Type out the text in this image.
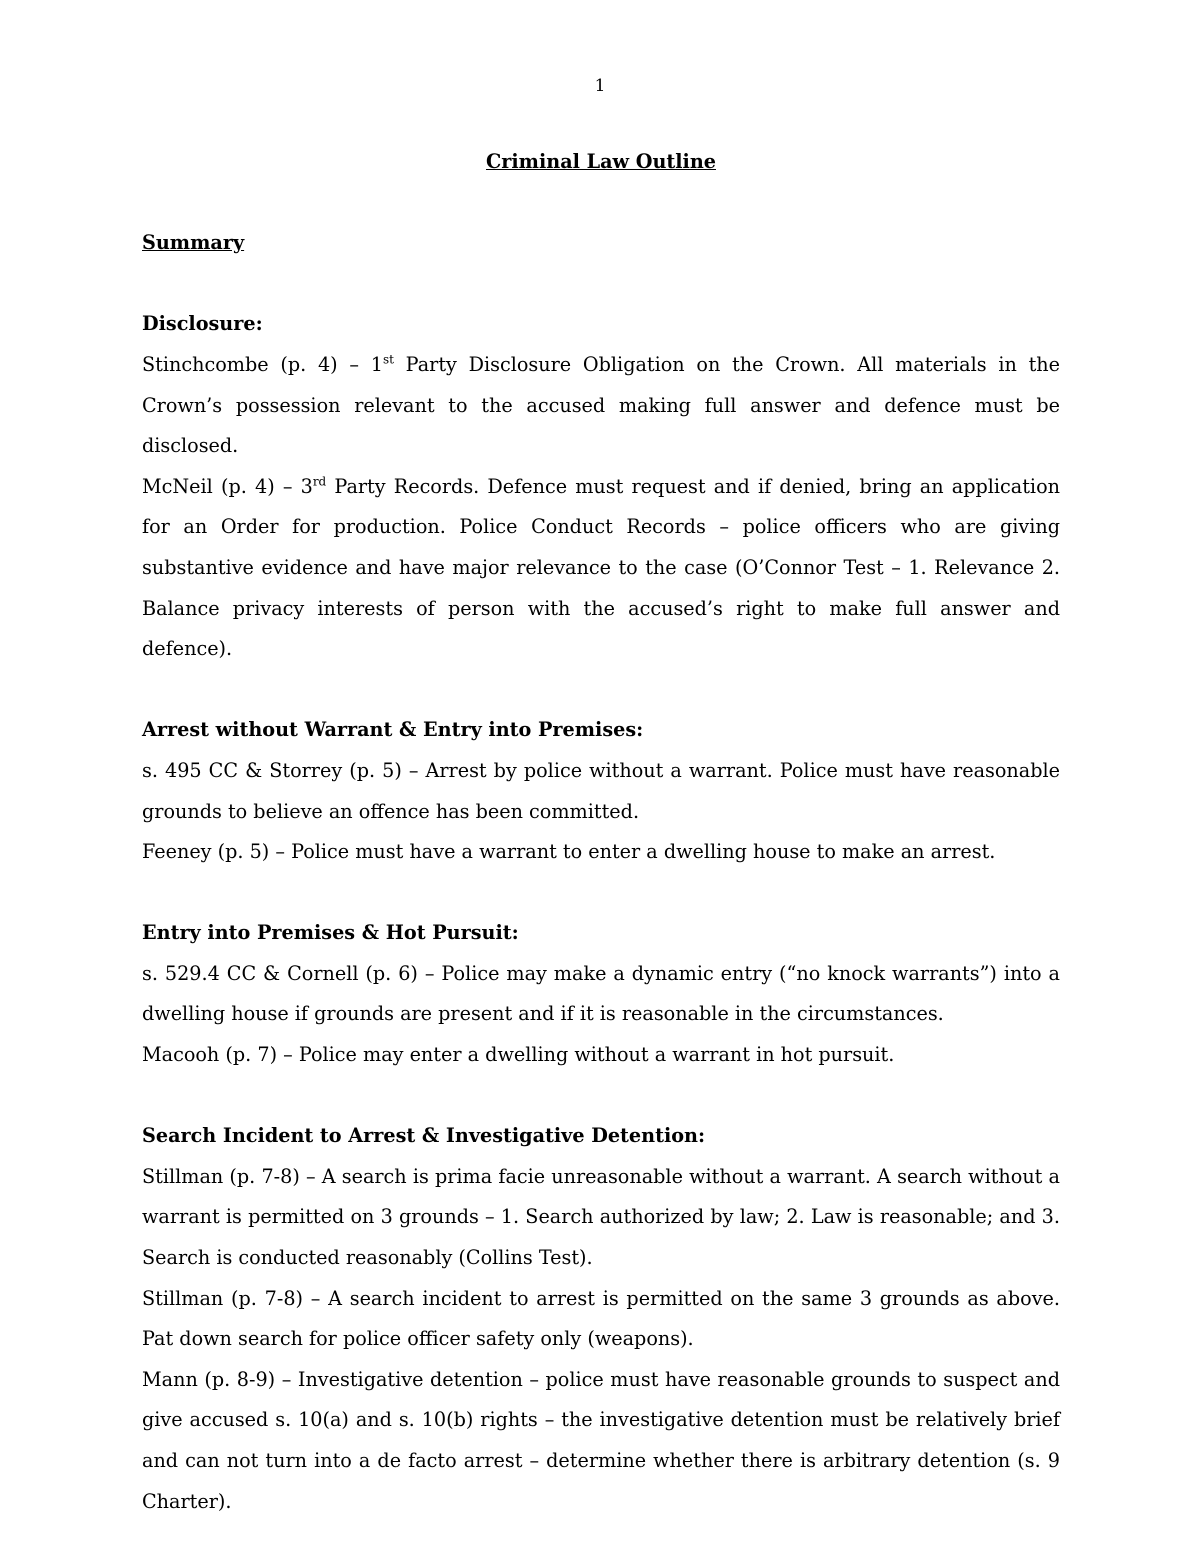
1

Criminal Law Outline

Summary

Disclosure:

Stinchcombe (p. 4) – 1st Party Disclosure Obligation on the Crown. All materials in the Crown’s possession relevant to the accused making full answer and defence must be disclosed.

McNeil (p. 4) – 3rd Party Records. Defence must request and if denied, bring an application for an Order for production. Police Conduct Records – police officers who are giving substantive evidence and have major relevance to the case (O’Connor Test – 1. Relevance 2. Balance privacy interests of person with the accused’s right to make full answer and defence).

Arrest without Warrant & Entry into Premises:

s. 495 CC & Storrey (p. 5) – Arrest by police without a warrant. Police must have reasonable grounds to believe an offence has been committed.

Feeney (p. 5) – Police must have a warrant to enter a dwelling house to make an arrest.

Entry into Premises & Hot Pursuit:

s. 529.4 CC & Cornell (p. 6) – Police may make a dynamic entry (“no knock warrants”) into a dwelling house if grounds are present and if it is reasonable in the circumstances.

Macooh (p. 7) – Police may enter a dwelling without a warrant in hot pursuit.

Search Incident to Arrest & Investigative Detention:

Stillman (p. 7-8) – A search is prima facie unreasonable without a warrant. A search without a warrant is permitted on 3 grounds – 1. Search authorized by law; 2. Law is reasonable; and 3. Search is conducted reasonably (Collins Test).

Stillman (p. 7-8) – A search incident to arrest is permitted on the same 3 grounds as above. Pat down search for police officer safety only (weapons).

Mann (p. 8-9) – Investigative detention – police must have reasonable grounds to suspect and give accused s. 10(a) and s. 10(b) rights – the investigative detention must be relatively brief and can not turn into a de facto arrest – determine whether there is arbitrary detention (s. 9 Charter).
